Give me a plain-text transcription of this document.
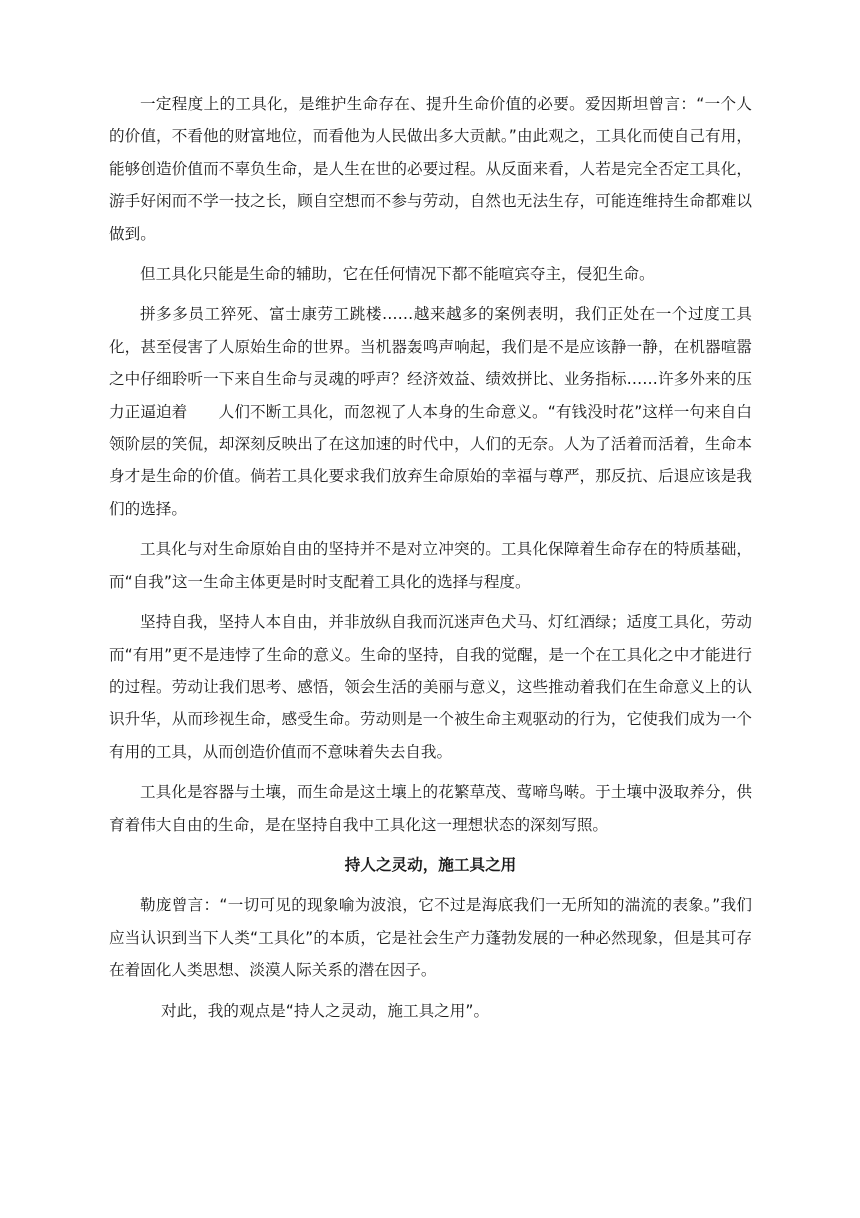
一定程度上的工具化，是维护生命存在、提升生命价值的必要。爱因斯坦曾言：“一个人的价值，不看他的财富地位，而看他为人民做出多大贡献。”由此观之，工具化而使自己有用，能够创造价值而不辜负生命，是人生在世的必要过程。从反面来看，人若是完全否定工具化，游手好闲而不学一技之长，顾自空想而不参与劳动，自然也无法生存，可能连维持生命都难以做到。

但工具化只能是生命的辅助，它在任何情况下都不能喧宾夺主，侵犯生命。

拼多多员工猝死、富士康劳工跳楼……越来越多的案例表明，我们正处在一个过度工具化，甚至侵害了人原始生命的世界。当机器轰鸣声响起，我们是不是应该静一静，在机器喧嚣之中仔细聆听一下来自生命与灵魂的呼声？经济效益、绩效拼比、业务指标……许多外来的压力正逼迫着　　人们不断工具化，而忽视了人本身的生命意义。“有钱没时花”这样一句来自白领阶层的笑侃，却深刻反映出了在这加速的时代中，人们的无奈。人为了活着而活着，生命本身才是生命的价值。倘若工具化要求我们放弃生命原始的幸福与尊严，那反抗、后退应该是我们的选择。

工具化与对生命原始自由的坚持并不是对立冲突的。工具化保障着生命存在的特质基础，而“自我”这一生命主体更是时时支配着工具化的选择与程度。

坚持自我，坚持人本自由，并非放纵自我而沉迷声色犬马、灯红酒绿；适度工具化，劳动而“有用”更不是违悖了生命的意义。生命的坚持，自我的觉醒，是一个在工具化之中才能进行的过程。劳动让我们思考、感悟，领会生活的美丽与意义，这些推动着我们在生命意义上的认识升华，从而珍视生命，感受生命。劳动则是一个被生命主观驱动的行为，它使我们成为一个有用的工具，从而创造价值而不意味着失去自我。

工具化是容器与土壤，而生命是这土壤上的花繁草茂、莺啼鸟啭。于土壤中汲取养分，供育着伟大自由的生命，是在坚持自我中工具化这一理想状态的深刻写照。

持人之灵动，施工具之用

勒庞曾言：“一切可见的现象喻为波浪，它不过是海底我们一无所知的湍流的表象。”我们应当认识到当下人类“工具化”的本质，它是社会生产力蓬勃发展的一种必然现象，但是其可存在着固化人类思想、淡漠人际关系的潜在因子。

对此，我的观点是“持人之灵动，施工具之用”。
